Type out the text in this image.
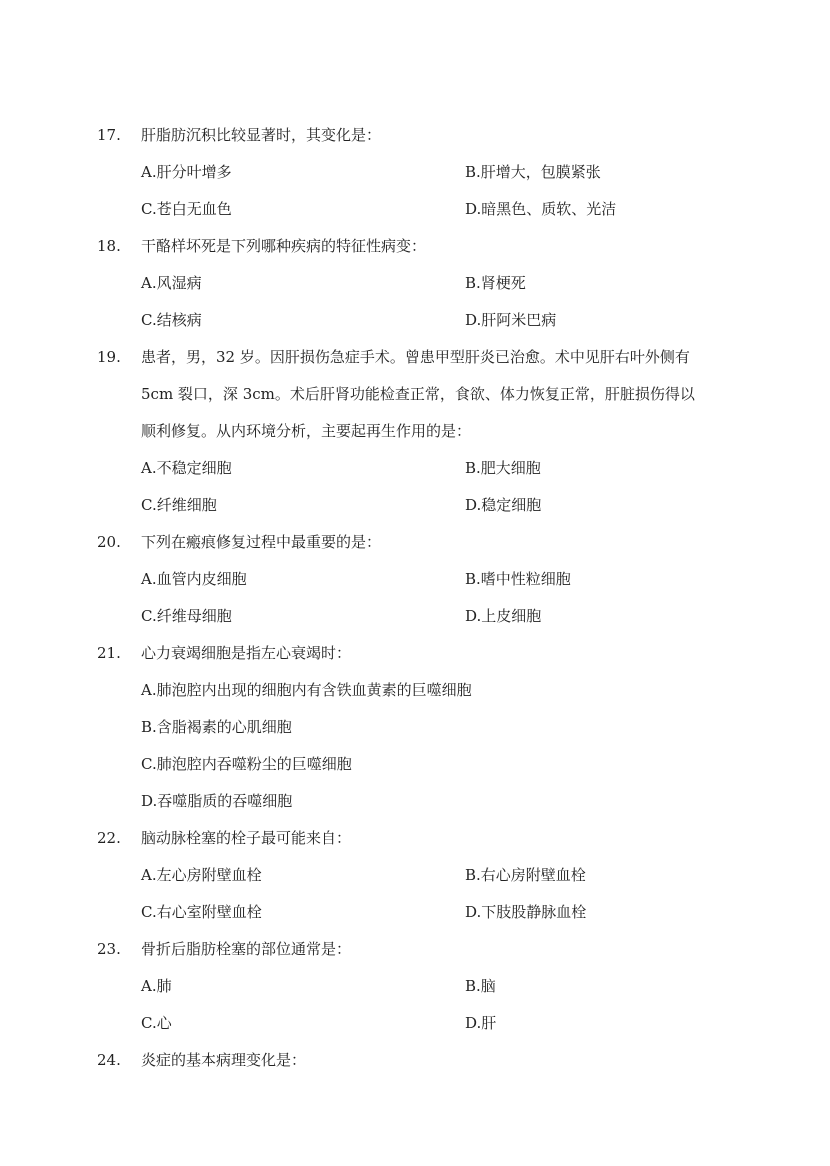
17. 肝脂肪沉积比较显著时，其变化是：
A.肝分叶增多	B.肝增大，包膜紧张
C.苍白无血色	D.暗黑色、质软、光洁
18. 干酪样坏死是下列哪种疾病的特征性病变：
A.风湿病	B.肾梗死
C.结核病	D.肝阿米巴病
19. 患者，男，32 岁。因肝损伤急症手术。曾患甲型肝炎已治愈。术中见肝右叶外侧有
5cm 裂口，深 3cm。术后肝肾功能检查正常，食欲、体力恢复正常，肝脏损伤得以
顺利修复。从内环境分析，主要起再生作用的是：
A.不稳定细胞	B.肥大细胞
C.纤维细胞	D.稳定细胞
20. 下列在瘢痕修复过程中最重要的是：
A.血管内皮细胞	B.嗜中性粒细胞
C.纤维母细胞	D.上皮细胞
21. 心力衰竭细胞是指左心衰竭时：
A.肺泡腔内出现的细胞内有含铁血黄素的巨噬细胞
B.含脂褐素的心肌细胞
C.肺泡腔内吞噬粉尘的巨噬细胞
D.吞噬脂质的吞噬细胞
22. 脑动脉栓塞的栓子最可能来自：
A.左心房附壁血栓	B.右心房附壁血栓
C.右心室附壁血栓	D.下肢股静脉血栓
23. 骨折后脂肪栓塞的部位通常是：
A.肺	B.脑
C.心	D.肝
24. 炎症的基本病理变化是：
